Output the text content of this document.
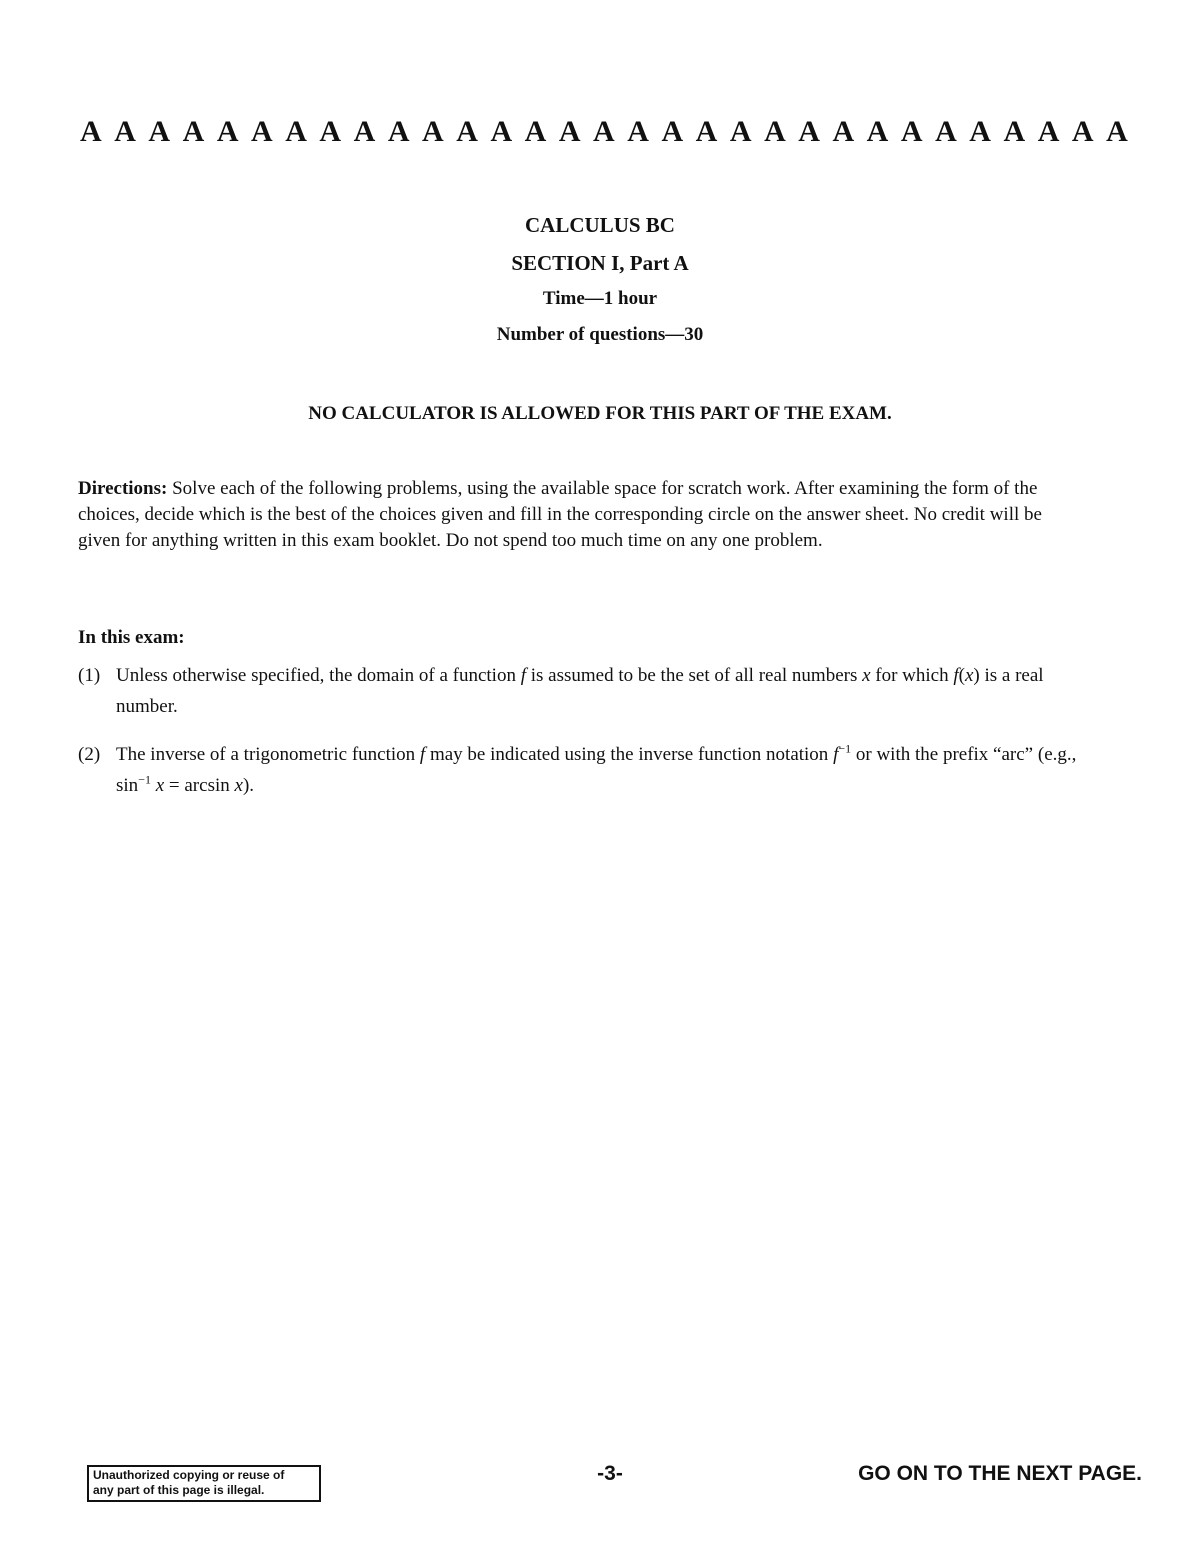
A A A A A A A A A A A A A A A A A A A A A A A A A A A A A A A
CALCULUS BC
SECTION I, Part A
Time—1 hour
Number of questions—30
NO CALCULATOR IS ALLOWED FOR THIS PART OF THE EXAM.
Directions: Solve each of the following problems, using the available space for scratch work. After examining the form of the choices, decide which is the best of the choices given and fill in the corresponding circle on the answer sheet. No credit will be given for anything written in this exam booklet. Do not spend too much time on any one problem.
In this exam:
(1) Unless otherwise specified, the domain of a function f is assumed to be the set of all real numbers x for which f(x) is a real number.
(2) The inverse of a trigonometric function f may be indicated using the inverse function notation $f^{-1}$ or with the prefix “arc” (e.g., $\sin^{-1} x = \arcsin x$).
Unauthorized copying or reuse of
any part of this page is illegal.
-3-	GO ON TO THE NEXT PAGE.
